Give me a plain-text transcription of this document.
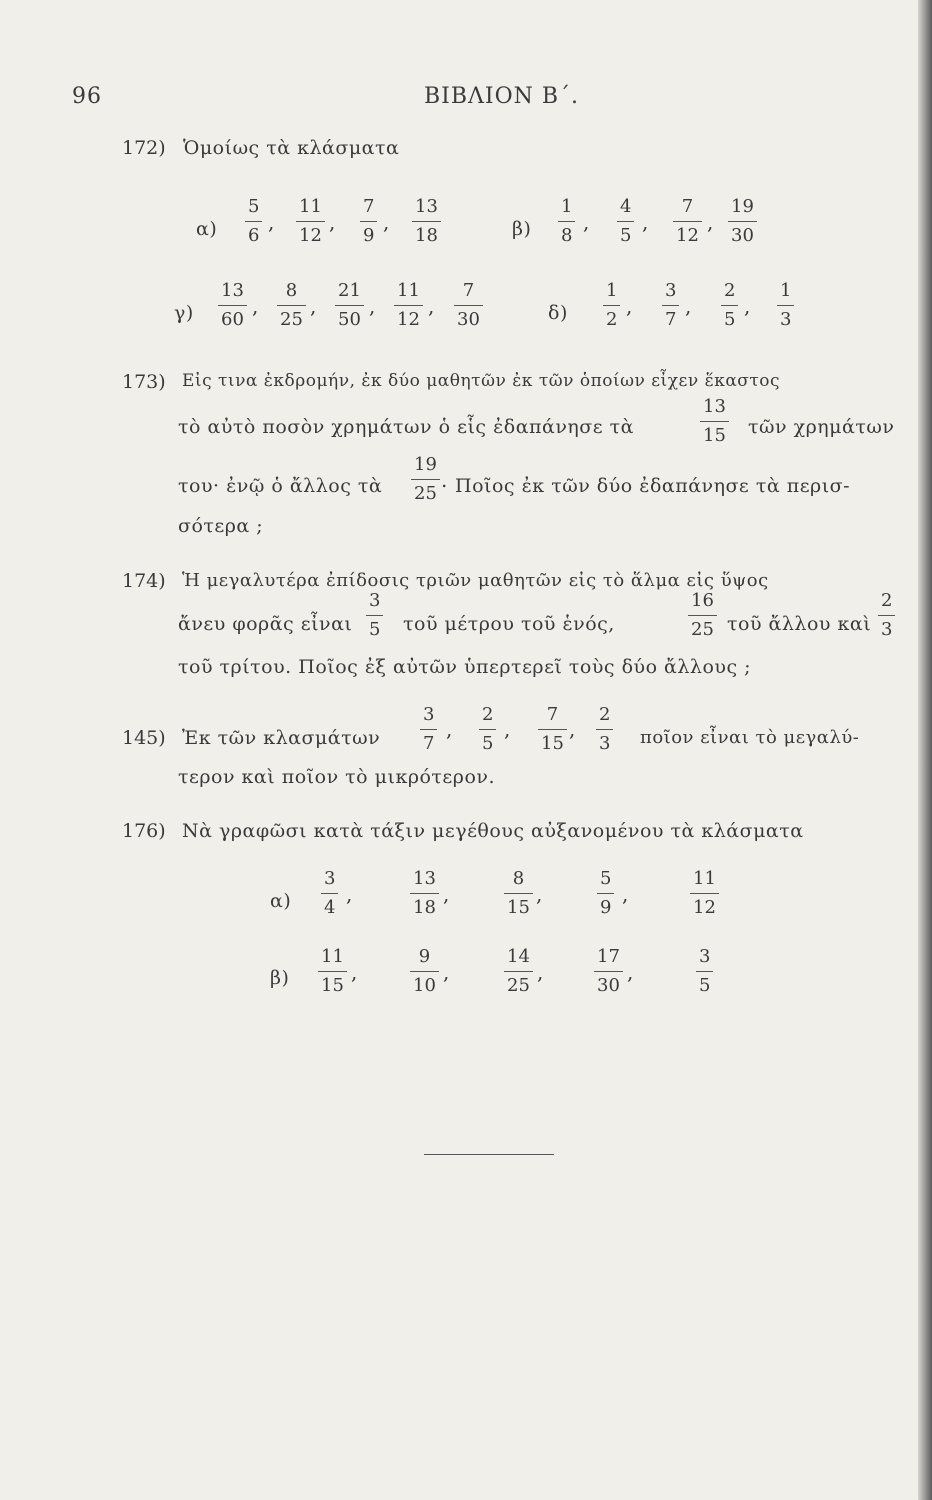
96	ΒΙΒΛΙΟΝ Β΄.
172) Ὁμοίως τὰ κλάσματα
$\alpha) \frac{5}{6}$ , $\frac{11}{12}$ , $\frac{7}{9}$ , $\frac{13}{18}$	$\beta) \frac{1}{8}$ , $\frac{4}{5}$ , $\frac{7}{12}$ , $\frac{19}{30}$
$\gamma) \frac{13}{60}$ , $\frac{8}{25}$ , $\frac{21}{50}$ , $\frac{11}{12}$ , $\frac{7}{30}$	$\delta) \frac{1}{2}$ , $\frac{3}{7}$ , $\frac{2}{5}$ , $\frac{1}{3}$
173) Εἰς τινα ἐκδρομήν, ἐκ δύο μαθητῶν ἐκ τῶν ὁποίων εἶχεν ἕκαστος
τὸ αὐτὸ ποσὸν χρημάτων ὁ εἷς ἐδαπάνησε τὰ	$\frac{13}{15}$ τῶν χρημάτων
του· ἐνῷ ὁ ἄλλος τὰ $\frac{19}{25}$ . Ποῖος ἐκ τῶν δύο ἐδαπάνησε τὰ περισ-
σότερα ;
174) Ἡ μεγαλυτέρα ἐπίδοσις τριῶν μαθητῶν εἰς τὸ ἅλμα εἰς ὕψος
ἄνευ φορᾶς εἶναι $\frac{3}{5}$ τοῦ μέτρου τοῦ ἑνός,	$\frac{16}{25}$ τοῦ ἄλλου καὶ $\frac{2}{3}$
τοῦ τρίτου. Ποῖος ἐξ αὐτῶν ὑπερτερεῖ τοὺς δύο ἄλλους ;
145) Ἐκ τῶν κλασμάτων $\frac{3}{7}$ , $\frac{2}{5}$ , $\frac{7}{15}$ , $\frac{2}{3}$ ποῖον εἶναι τὸ μεγαλύ-
τερον καὶ ποῖον τὸ μικρότερον.
176) Νὰ γραφῶσι κατὰ τάξιν μεγέθους αὐξανομένου τὰ κλάσματα
$\alpha) \frac{3}{4}$ ,	$\frac{13}{18}$ ,	$\frac{8}{15}$ ,	$\frac{5}{9}$ ,	$\frac{11}{12}$
$\beta) \frac{11}{15}$ ,	$\frac{9}{10}$ ,	$\frac{14}{25}$ ,	$\frac{17}{30}$ ,	$\frac{3}{5}$
